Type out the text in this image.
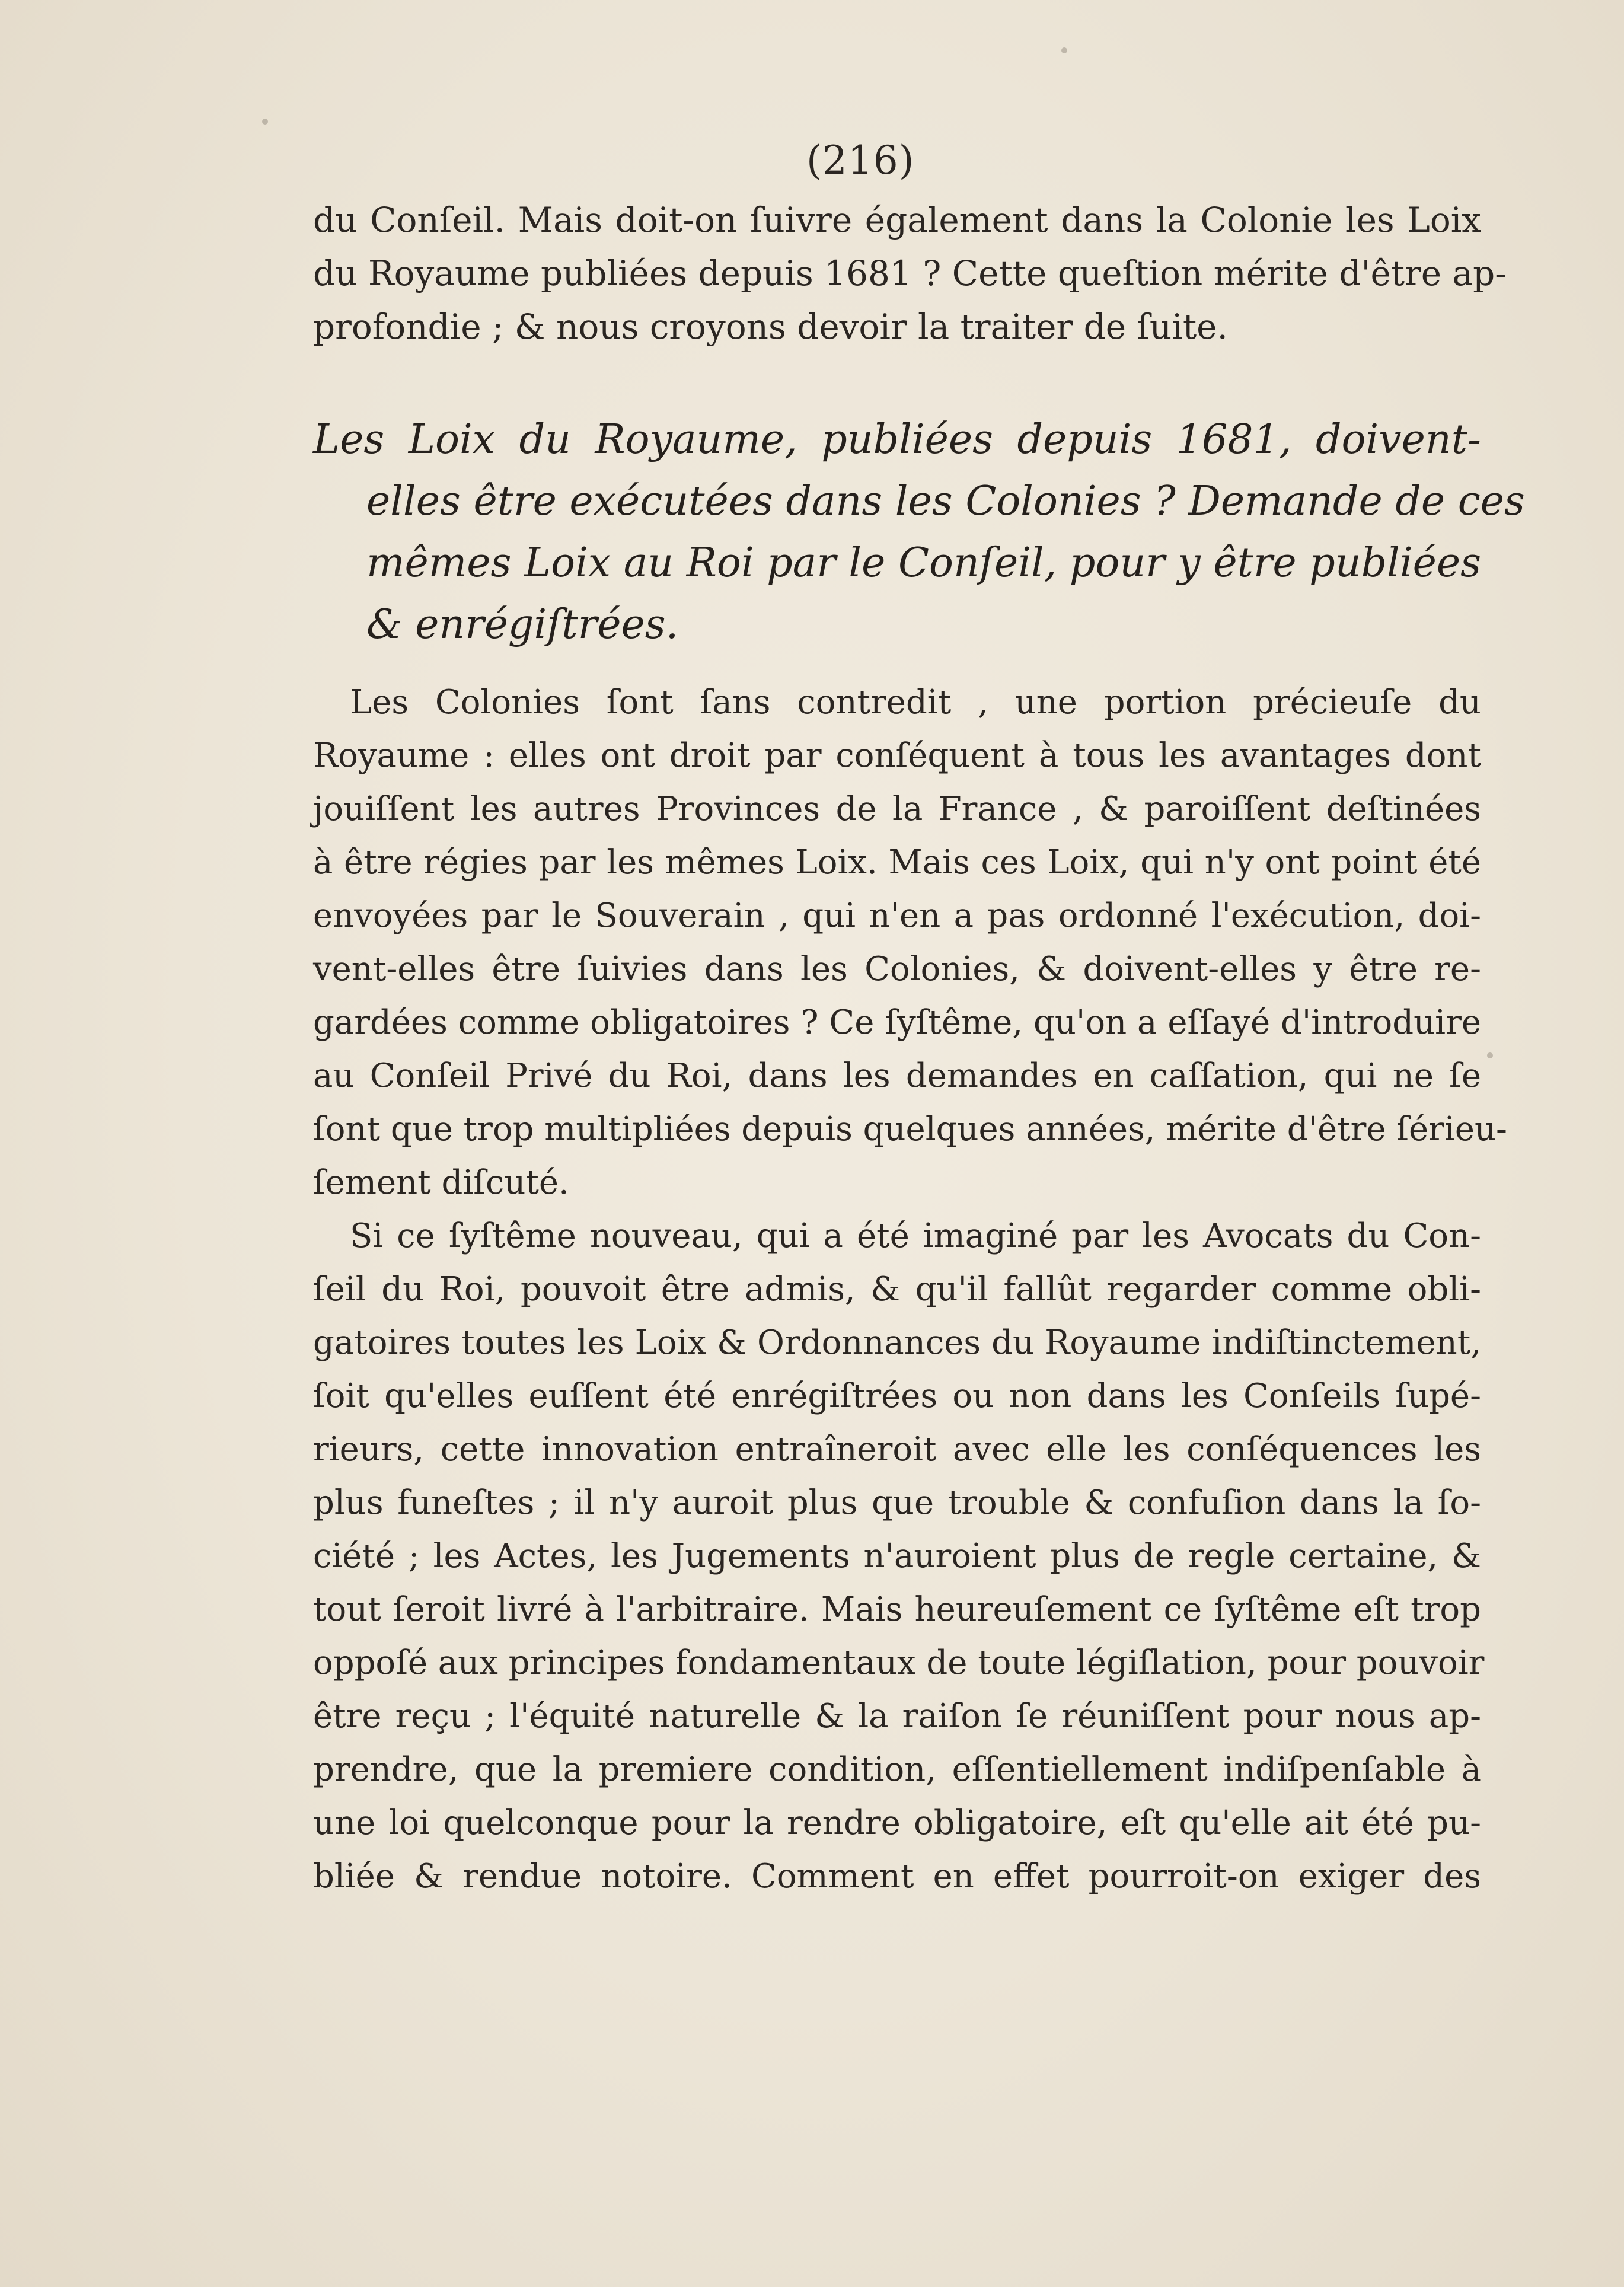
(216)
du Conſeil. Mais doit-on ſuivre également dans la Colonie les Loix
du Royaume publiées depuis 1681 ? Cette queſtion mérite d'être ap-
profondie ; & nous croyons devoir la traiter de ſuite.
Les Loix du Royaume, publiées depuis 1681, doivent-
elles être exécutées dans les Colonies ? Demande de ces
mêmes Loix au Roi par le Conſeil, pour y être publiées
& enrégiſtrées.
Les Colonies ſont ſans contredit , une portion précieuſe du
Royaume : elles ont droit par conſéquent à tous les avantages dont
jouiſſent les autres Provinces de la France , & paroiſſent deſtinées
à être régies par les mêmes Loix. Mais ces Loix, qui n'y ont point été
envoyées par le Souverain , qui n'en a pas ordonné l'exécution, doi-
vent-elles être ſuivies dans les Colonies, & doivent-elles y être re-
gardées comme obligatoires ? Ce ſyſtême, qu'on a eſſayé d'introduire
au Conſeil Privé du Roi, dans les demandes en caſſation, qui ne ſe
ſont que trop multipliées depuis quelques années, mérite d'être ſérieu-
ſement diſcuté.
Si ce ſyſtême nouveau, qui a été imaginé par les Avocats du Con-
ſeil du Roi, pouvoit être admis, & qu'il fallût regarder comme obli-
gatoires toutes les Loix & Ordonnances du Royaume indiſtinctement,
ſoit qu'elles euſſent été enrégiſtrées ou non dans les Conſeils ſupé-
rieurs, cette innovation entraîneroit avec elle les conſéquences les
plus funeſtes ; il n'y auroit plus que trouble & confuſion dans la ſo-
ciété ; les Actes, les Jugements n'auroient plus de regle certaine, &
tout ſeroit livré à l'arbitraire. Mais heureuſement ce ſyſtême eſt trop
oppoſé aux principes fondamentaux de toute légiſlation, pour pouvoir
être reçu ; l'équité naturelle & la raiſon ſe réuniſſent pour nous ap-
prendre, que la premiere condition, eſſentiellement indiſpenſable à
une loi quelconque pour la rendre obligatoire, eſt qu'elle ait été pu-
bliée & rendue notoire. Comment en effet pourroit-on exiger des
